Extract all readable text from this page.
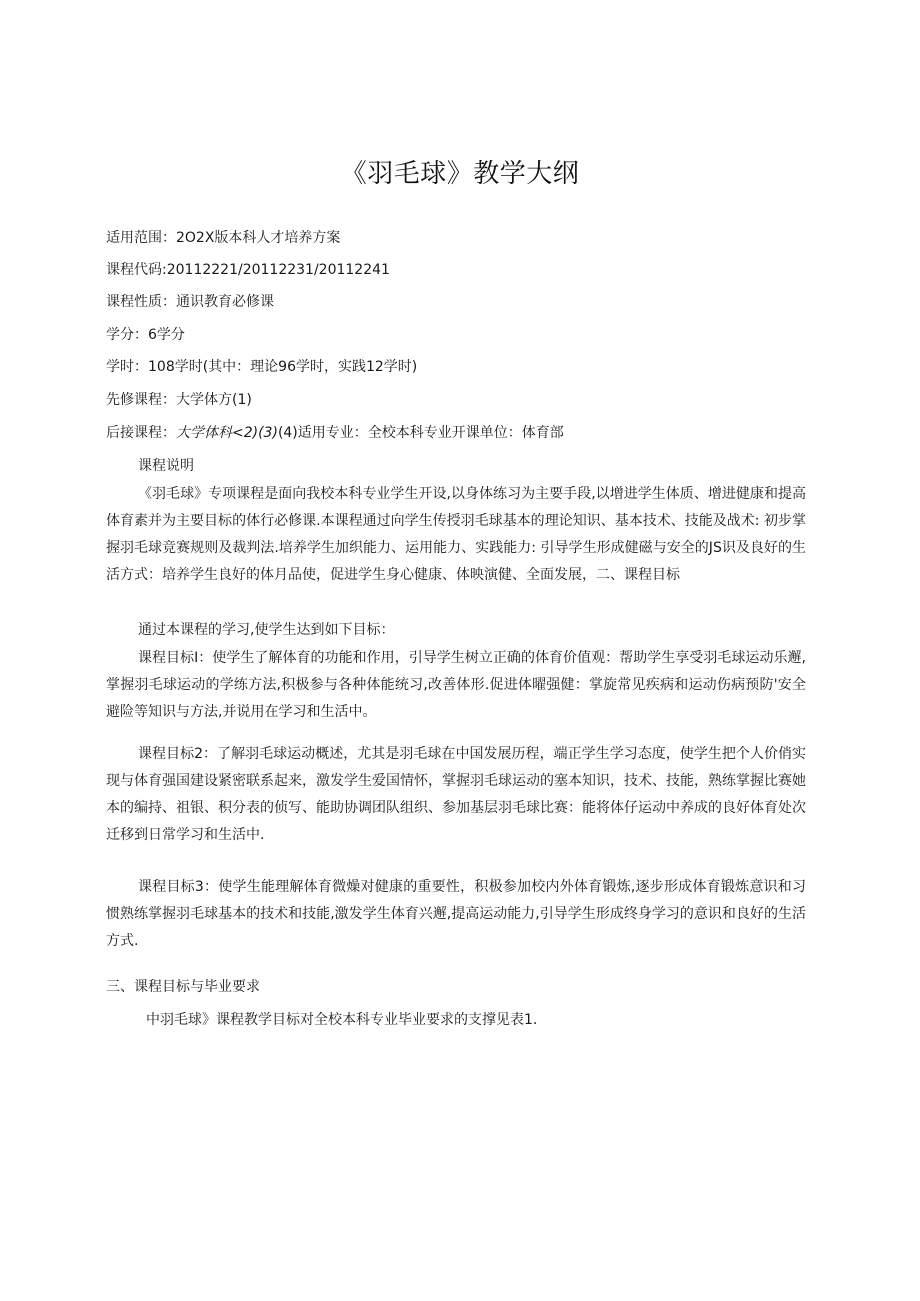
《羽毛球》教学大纲
适用范围：2O2X版本科人才培养方案
课程代码:20112221/20112231/20112241
课程性质：通识教育必修课
学分：6学分
学时：108学时(其中：理论96学时，实践12学时)
先修课程：大学体方(1)
后接课程：大学体科<2)(3)(4)适用专业：全校本科专业开课单位：体育部
课程说明
《羽毛球》专项课程是面向我校本科专业学生开设,以身体练习为主要手段,以增进学生体质、增进健康和提高体育素并为主要目标的体行必修课.本课程通过向学生传授羽毛球基本的理论知识、基本技术、技能及战术: 初步掌握羽毛球竞赛规则及裁判法.培养学生加织能力、运用能力、实践能力: 引导学生形成健磁与安全的JS识及良好的生活方式：培养学生良好的体月品使，促进学生身心健康、体映演健、全面发展，二、课程目标
通过本课程的学习,使学生达到如下目标：
课程目标I：使学生了解体育的功能和作用，引导学生树立正确的体育价值观：帮助学生享受羽毛球运动乐邂,掌握羽毛球运动的学练方法,积极参与各种体能统习,改善体形.促进体曜强健：掌旋常见疾病和运动伤病预防'安全避险等知识与方法,并说用在学习和生活中。
课程目标2：了解羽毛球运动概述，尤其是羽毛球在中国发展历程，端正学生学习态度，使学生把个人价俏实现与体育强国建设紧密联系起来，激发学生爱国情怀，掌握羽毛球运动的塞本知识，技术、技能，熟练掌握比赛她本的编持、祖银、积分表的侦写、能助协调团队组织、参加基层羽毛球比赛：能将体仔运动中养成的良好体育处次迁移到日常学习和生活中.
课程目标3：使学生能理解体育微燥对健康的重要性，积极参加校内外体育锻炼,逐步形成体育锻炼意识和习惯熟练掌握羽毛球基本的技术和技能,激发学生体育兴邂,提高运动能力,引导学生形成终身学习的意识和良好的生活方式.
三、课程目标与毕业要求
中羽毛球》课程教学目标对全校本科专业毕业要求的支撑见表1.
